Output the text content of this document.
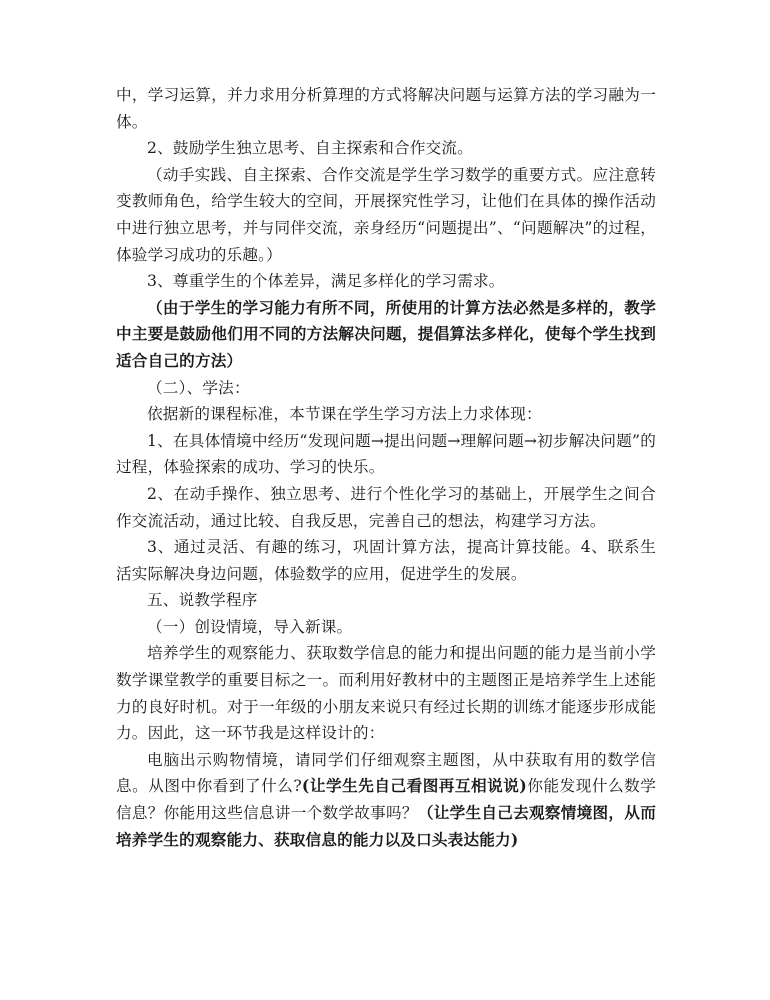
中，学习运算，并力求用分析算理的方式将解决问题与运算方法的学习融为一体。

2、鼓励学生独立思考、自主探索和合作交流。

（动手实践、自主探索、合作交流是学生学习数学的重要方式。应注意转变教师角色，给学生较大的空间，开展探究性学习，让他们在具体的操作活动中进行独立思考，并与同伴交流，亲身经历“问题提出”、“问题解决”的过程，体验学习成功的乐趣。）

3、尊重学生的个体差异，满足多样化的学习需求。

（由于学生的学习能力有所不同，所使用的计算方法必然是多样的，教学中主要是鼓励他们用不同的方法解决问题，提倡算法多样化，使每个学生找到适合自己的方法）

（二）、学法：

依据新的课程标准，本节课在学生学习方法上力求体现：

1、在具体情境中经历“发现问题→提出问题→理解问题→初步解决问题”的过程，体验探索的成功、学习的快乐。

2、在动手操作、独立思考、进行个性化学习的基础上，开展学生之间合作交流活动，通过比较、自我反思，完善自己的想法，构建学习方法。

3、通过灵活、有趣的练习，巩固计算方法，提高计算技能。4、联系生活实际解决身边问题，体验数学的应用，促进学生的发展。

五、说教学程序

（一）创设情境，导入新课。

培养学生的观察能力、获取数学信息的能力和提出问题的能力是当前小学数学课堂教学的重要目标之一。而利用好教材中的主题图正是培养学生上述能力的良好时机。对于一年级的小朋友来说只有经过长期的训练才能逐步形成能力。因此，这一环节我是这样设计的：

电脑出示购物情境，请同学们仔细观察主题图，从中获取有用的数学信息。从图中你看到了什么?(让学生先自己看图再互相说说)你能发现什么数学信息？你能用这些信息讲一个数学故事吗？（让学生自己去观察情境图，从而培养学生的观察能力、获取信息的能力以及口头表达能力)
